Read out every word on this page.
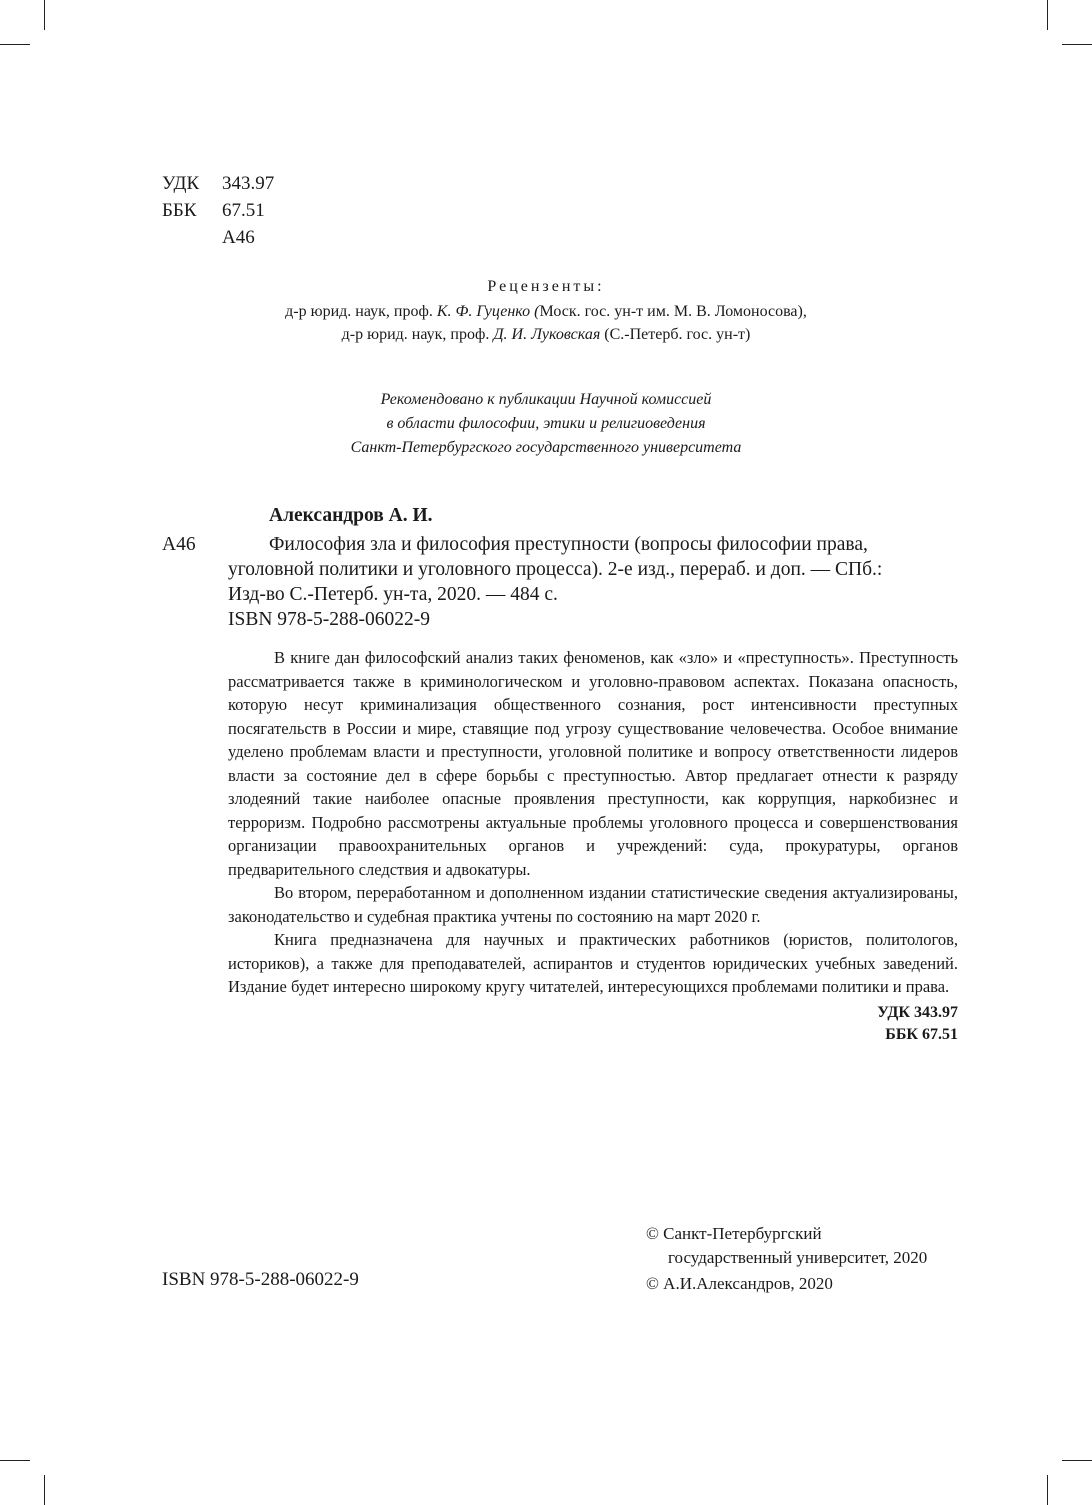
УДК	343.97
ББК	67.51
А46
Рецензенты:
д-р юрид. наук, проф. К. Ф. Гуценко (Моск. гос. ун-т им. М. В. Ломоносова),
д-р юрид. наук, проф. Д. И. Луковская (С.-Петерб. гос. ун-т)
Рекомендовано к публикации Научной комиссией
в области философии, этики и религиоведения
Санкт-Петербургского государственного университета
Александров А. И.
А46	Философия зла и философия преступности (вопросы философии права,
уголовной политики и уголовного процесса). 2-е изд., перераб. и доп. — СПб.:
Изд-во С.-Петерб. ун-та, 2020. — 484 с.
ISBN 978-5-288-06022-9

В книге дан философский анализ таких феноменов, как «зло» и «преступность». Преступность рассматривается также в криминологическом и уголовно-правовом аспектах. Показана опасность, которую несут криминализация общественного сознания, рост интенсивности преступных посягательств в России и мире, ставящие под угрозу существование человечества. Особое внимание уделено проблемам власти и преступности, уголовной политике и вопросу ответственности лидеров власти за состояние дел в сфере борьбы с преступностью. Автор предлагает отнести к разряду злодеяний такие наиболее опасные проявления преступности, как коррупция, наркобизнес и терроризм. Подробно рассмотрены актуальные проблемы уголовного процесса и совершенствования организации правоохранительных органов и учреждений: суда, прокуратуры, органов предварительного следствия и адвокатуры.

Во втором, переработанном и дополненном издании статистические сведения актуализированы, законодательство и судебная практика учтены по состоянию на март 2020 г.

Книга предназначена для научных и практических работников (юристов, политологов, историков), а также для преподавателей, аспирантов и студентов юридических учебных заведений. Издание будет интересно широкому кругу читателей, интересующихся проблемами политики и права.

УДК 343.97
ББК 67.51
ISBN 978-5-288-06022-9
© Санкт-Петербургский
государственный университет, 2020
© А.И.Александров, 2020
